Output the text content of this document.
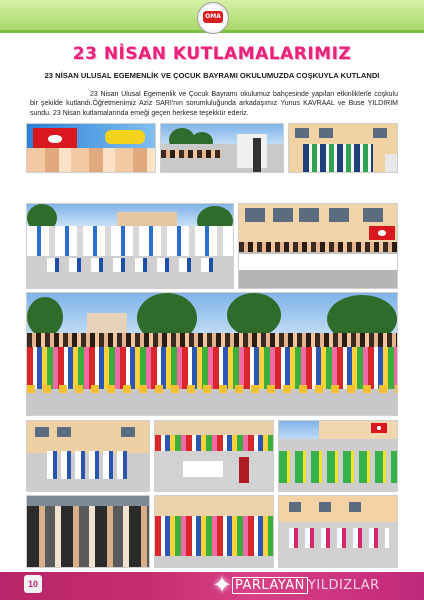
OMA
23 NİSAN KUTLAMALARIMIZ
23 NİSAN ULUSAL EGEMENLİK VE ÇOCUK BAYRAMI OKULUMUZDA COŞKUYLA KUTLANDI
23 Nisan Ulusal Egemenlik ve Çocuk Bayramı okulumuz bahçesinde yapılan etkinliklerle coşkulu bir şekilde kutlandı.Öğretmenimiz Aziz SARI'nın sorumluluğunda arkadaşımız Yunus KAVRAAL ve Buse YILDIRIM sundu. 23 Nisan kutlamalarında emeği geçen herkese teşekkür ederiz.
10	✦ PARLAYAN YILDIZLAR
